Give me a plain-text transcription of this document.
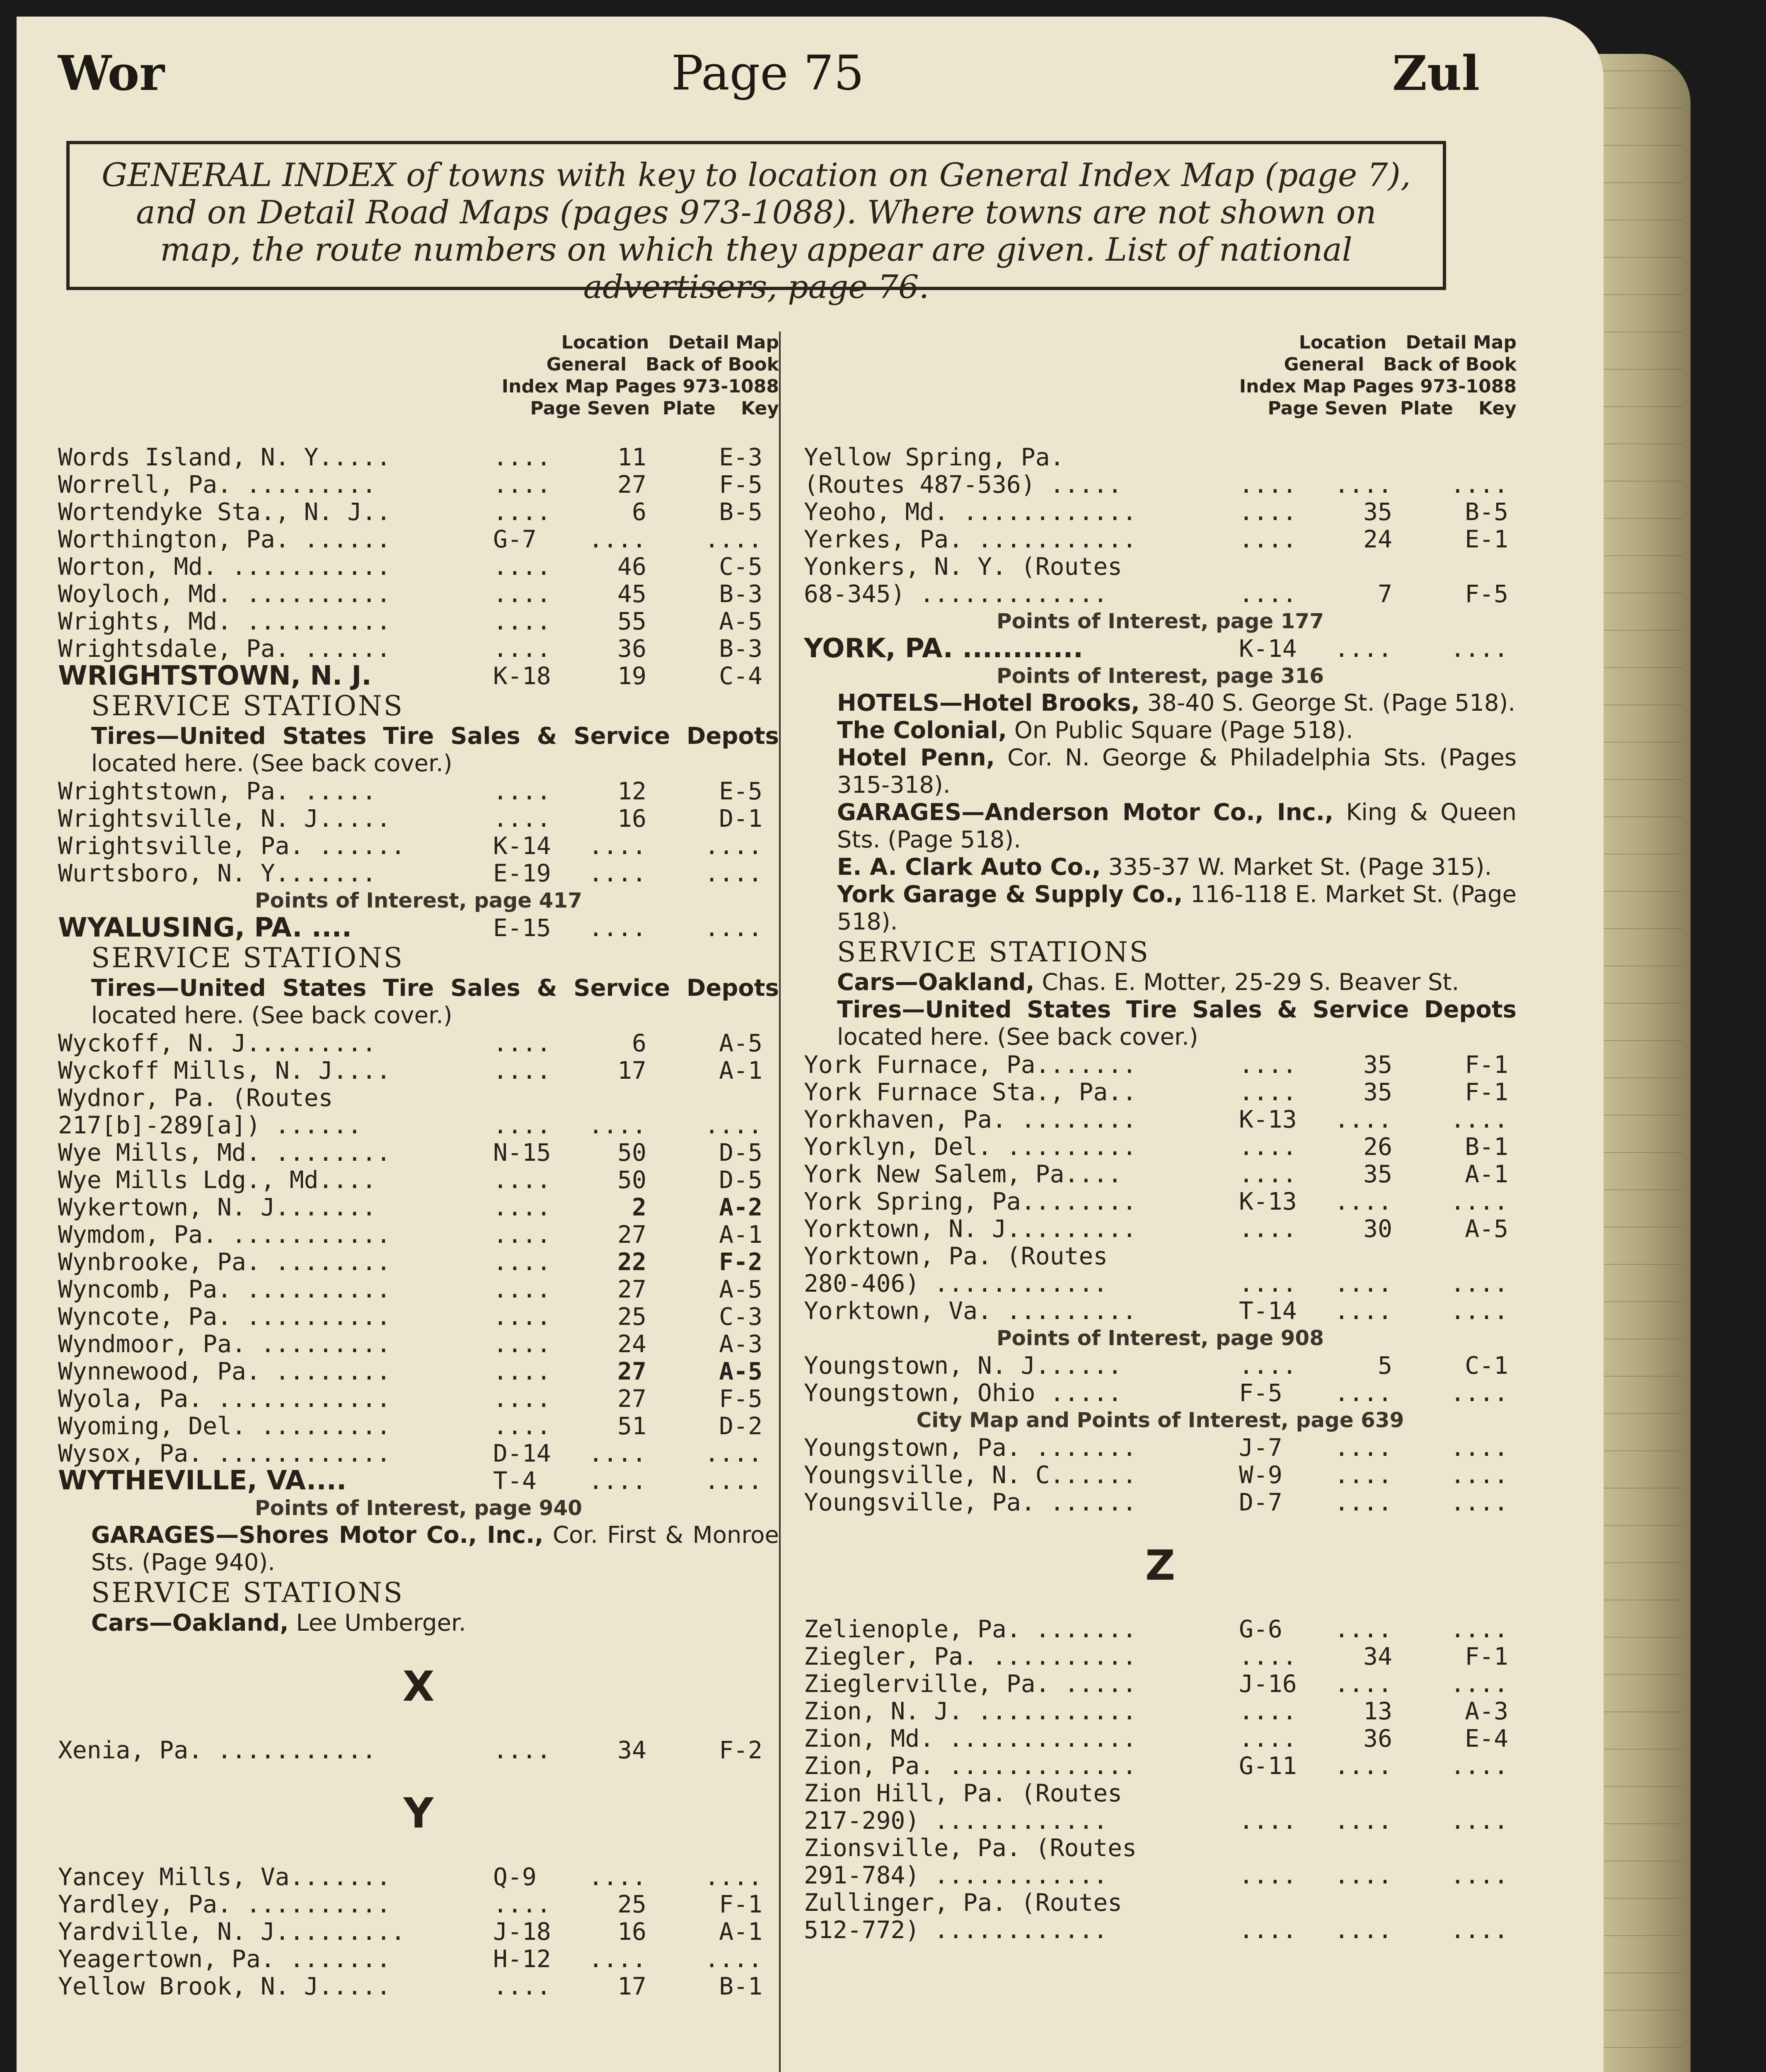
Wor	Page 75	Zul
GENERAL INDEX of towns with key to location on General Index Map (page 7), and on Detail Road Maps (pages 973-1088). Where towns are not shown on map, the route numbers on which they appear are given. List of national advertisers, page 76.
Location   Detail Map
General   Back of Book
Index Map Pages 973-1088
Page Seven  Plate    Key
Words Island, N. Y.....	....	11	E-3
Worrell, Pa. .........	....	27	F-5
Wortendyke Sta., N. J..	....	6	B-5
Worthington, Pa. ......	G-7 ....	....
Worton, Md. ...........	....	46	C-5
Woyloch, Md. ..........	....	45	B-3
Wrights, Md. ..........	....	55	A-5
Wrightsdale, Pa. ......	....	36	B-3
WRIGHTSTOWN, N. J.	K-18	19	C-4
SERVICE STATIONS
Tires—United States Tire Sales & Service Depots located here. (See back cover.)
Wrightstown, Pa. .....	....	12	E-5
Wrightsville, N. J.....	....	16	D-1
Wrightsville, Pa. ......	K-14 ....	....
Wurtsboro, N. Y.......	E-19 ....	....
Points of Interest, page 417
WYALUSING, PA. ....	E-15 ....	....
SERVICE STATIONS
Tires—United States Tire Sales & Service Depots located here. (See back cover.)
Wyckoff, N. J.........	....	6	A-5
Wyckoff Mills, N. J....	....	17	A-1
Wydnor, Pa. (Routes
217[b]-289[a]) ......	.... ....	....
Wye Mills, Md. ........	N-15	50	D-5
Wye Mills Ldg., Md....	....	50	D-5
Wykertown, N. J.......	....	2	A-2
Wymdom, Pa. ...........	....	27	A-1
Wynbrooke, Pa. ........	....	22	F-2
Wyncomb, Pa. ..........	....	27	A-5
Wyncote, Pa. ..........	....	25	C-3
Wyndmoor, Pa. .........	....	24	A-3
Wynnewood, Pa. ........	....	27	A-5
Wyola, Pa. ............	....	27	F-5
Wyoming, Del. .........	....	51	D-2
Wysox, Pa. ............	D-14 ....	....
WYTHEVILLE, VA....	T-4 ....	....
Points of Interest, page 940
GARAGES—Shores Motor Co., Inc., Cor. First & Monroe Sts. (Page 940).
SERVICE STATIONS
Cars—Oakland, Lee Umberger.
X
Xenia, Pa. ...........	....	34	F-2
Y
Yancey Mills, Va.......	Q-9 ....	....
Yardley, Pa. ..........	....	25	F-1
Yardville, N. J.........	J-18	16	A-1
Yeagertown, Pa. .......	H-12 ....	....
Yellow Brook, N. J.....	....	17	B-1
Location   Detail Map
General   Back of Book
Index Map Pages 973-1088
Page Seven  Plate    Key
Yellow Spring, Pa.
(Routes 487-536) .....	.... ....	....
Yeoho, Md. ............	....	35	B-5
Yerkes, Pa. ...........	....	24	E-1
Yonkers, N. Y. (Routes
68-345) .............	....	7	F-5
Points of Interest, page 177
YORK, PA. ............	K-14 ....	....
Points of Interest, page 316
HOTELS—Hotel Brooks, 38-40 S. George St. (Page 518).
The Colonial, On Public Square (Page 518).
Hotel Penn, Cor. N. George & Philadelphia Sts. (Pages 315-318).
GARAGES—Anderson Motor Co., Inc., King & Queen Sts. (Page 518).
E. A. Clark Auto Co., 335-37 W. Market St. (Page 315).
York Garage & Supply Co., 116-118 E. Market St. (Page 518).
SERVICE STATIONS
Cars—Oakland, Chas. E. Motter, 25-29 S. Beaver St.
Tires—United States Tire Sales & Service Depots located here. (See back cover.)
York Furnace, Pa.......	....	35	F-1
York Furnace Sta., Pa..	....	35	F-1
Yorkhaven, Pa. ........	K-13 ....	....
Yorklyn, Del. .........	....	26	B-1
York New Salem, Pa....	....	35	A-1
York Spring, Pa........	K-13 ....	....
Yorktown, N. J.........	....	30	A-5
Yorktown, Pa. (Routes
280-406) ............	.... ....	....
Yorktown, Va. .........	T-14 ....	....
Points of Interest, page 908
Youngstown, N. J......	....	5	C-1
Youngstown, Ohio .....	F-5 ....	....
City Map and Points of Interest, page 639
Youngstown, Pa. .......	J-7 ....	....
Youngsville, N. C......	W-9 ....	....
Youngsville, Pa. ......	D-7 ....	....
Z
Zelienople, Pa. .......	G-6 ....	....
Ziegler, Pa. ..........	....	34	F-1
Zieglerville, Pa. .....	J-16 ....	....
Zion, N. J. ...........	....	13	A-3
Zion, Md. .............	....	36	E-4
Zion, Pa. .............	G-11 ....	....
Zion Hill, Pa. (Routes
217-290) ............	.... ....	....
Zionsville, Pa. (Routes
291-784) ............	.... ....	....
Zullinger, Pa. (Routes
512-772) ............	.... ....	....
